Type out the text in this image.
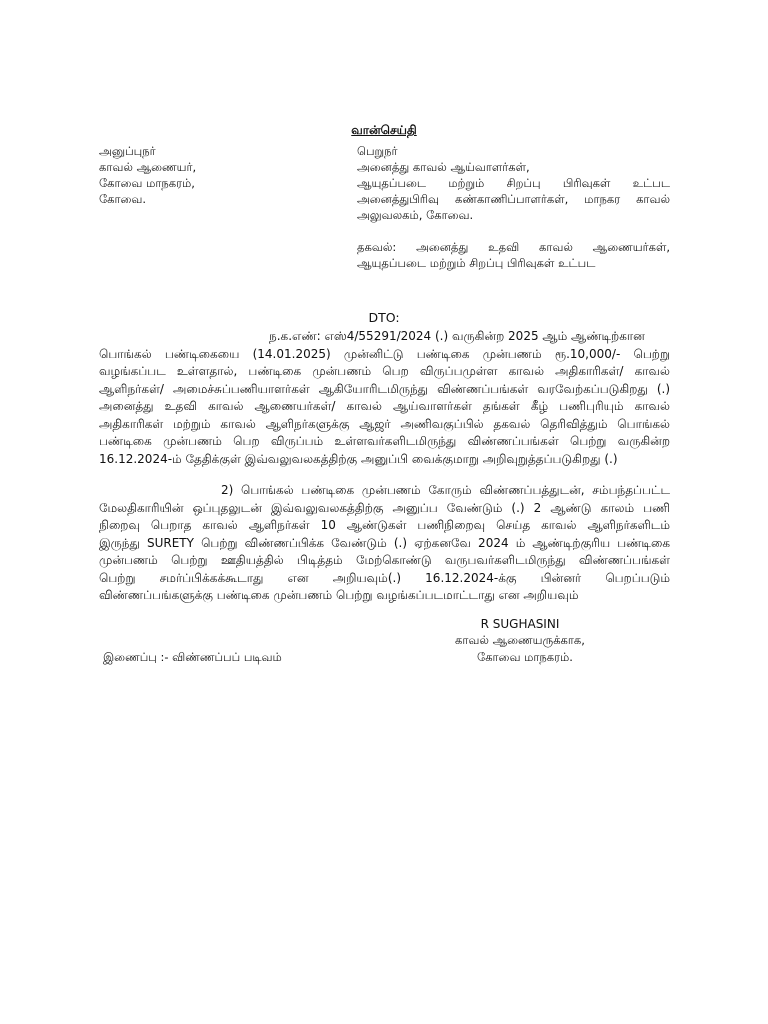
வான்செய்தி
அனுப்புநர்
காவல் ஆணையர்,
கோவை மாநகரம்,
கோவை.
பெறுநர்
அனைத்து காவல் ஆய்வாளர்கள்,
ஆயுதப்படை மற்றும் சிறப்பு பிரிவுகள் உட்பட
அனைத்துபிரிவு கண்காணிப்பாளர்கள், மாநகர காவல்
அலுவலகம், கோவை.
தகவல்: அனைத்து உதவி காவல் ஆணையர்கள்,
ஆயுதப்படை மற்றும் சிறப்பு பிரிவுகள் உட்பட
DTO:
ந.க.எண்: எஸ்4/55291/2024 (.) வருகின்ற 2025 ஆம் ஆண்டிற்கான
பொங்கல் பண்டிகையை (14.01.2025) முன்னிட்டு பண்டிகை முன்பணம் ரூ.10,000/- பெற்று
வழங்கப்பட உள்ளதால், பண்டிகை முன்பணம் பெற விருப்பமுள்ள காவல் அதிகாரிகள்/ காவல்
ஆளிநர்கள்/ அமைச்சுப்பணியாளர்கள் ஆகியோரிடமிருந்து விண்ணப்பங்கள் வரவேற்கப்படுகிறது (.)
அனைத்து உதவி காவல் ஆணையர்கள்/ காவல் ஆய்வாளர்கள் தங்கள் கீழ் பணிபுரியும் காவல்
அதிகாரிகள் மற்றும் காவல் ஆளிநர்களுக்கு ஆஜர் அணிவகுப்பில் தகவல் தெரிவித்தும் பொங்கல்
பண்டிகை முன்பணம் பெற விருப்பம் உள்ளவர்களிடமிருந்து விண்ணப்பங்கள் பெற்று வருகின்ற
16.12.2024-ம் தேதிக்குள் இவ்வலுவலகத்திற்கு அனுப்பி வைக்குமாறு அறிவுறுத்தப்படுகிறது (.)
2) பொங்கல் பண்டிகை முன்பணம் கோரும் விண்ணப்பத்துடன், சம்பந்தப்பட்ட
மேலதிகாரியின் ஒப்புதலுடன் இவ்வலுவலகத்திற்கு அனுப்ப வேண்டும் (.) 2 ஆண்டு காலம் பணி
நிறைவு பெறாத காவல் ஆளிநர்கள் 10 ஆண்டுகள் பணிநிறைவு செய்த காவல் ஆளிநர்களிடம்
இருந்து SURETY பெற்று விண்ணப்பிக்க வேண்டும் (.) ஏற்கனவே 2024 ம் ஆண்டிற்குரிய பண்டிகை
முன்பணம் பெற்று ஊதியத்தில் பிடித்தம் மேற்கொண்டு வருபவர்களிடமிருந்து விண்ணப்பங்கள்
பெற்று சமர்ப்பிக்கக்கூடாது என அறியவும்(.) 16.12.2024-க்கு பின்னர் பெறப்படும்
விண்ணப்பங்களுக்கு பண்டிகை முன்பணம் பெற்று வழங்கப்படமாட்டாது என அறியவும்
R SUGHASINI
காவல் ஆணையருக்காக,
கோவை மாநகரம்.
இணைப்பு :- விண்ணப்பப் படிவம்
